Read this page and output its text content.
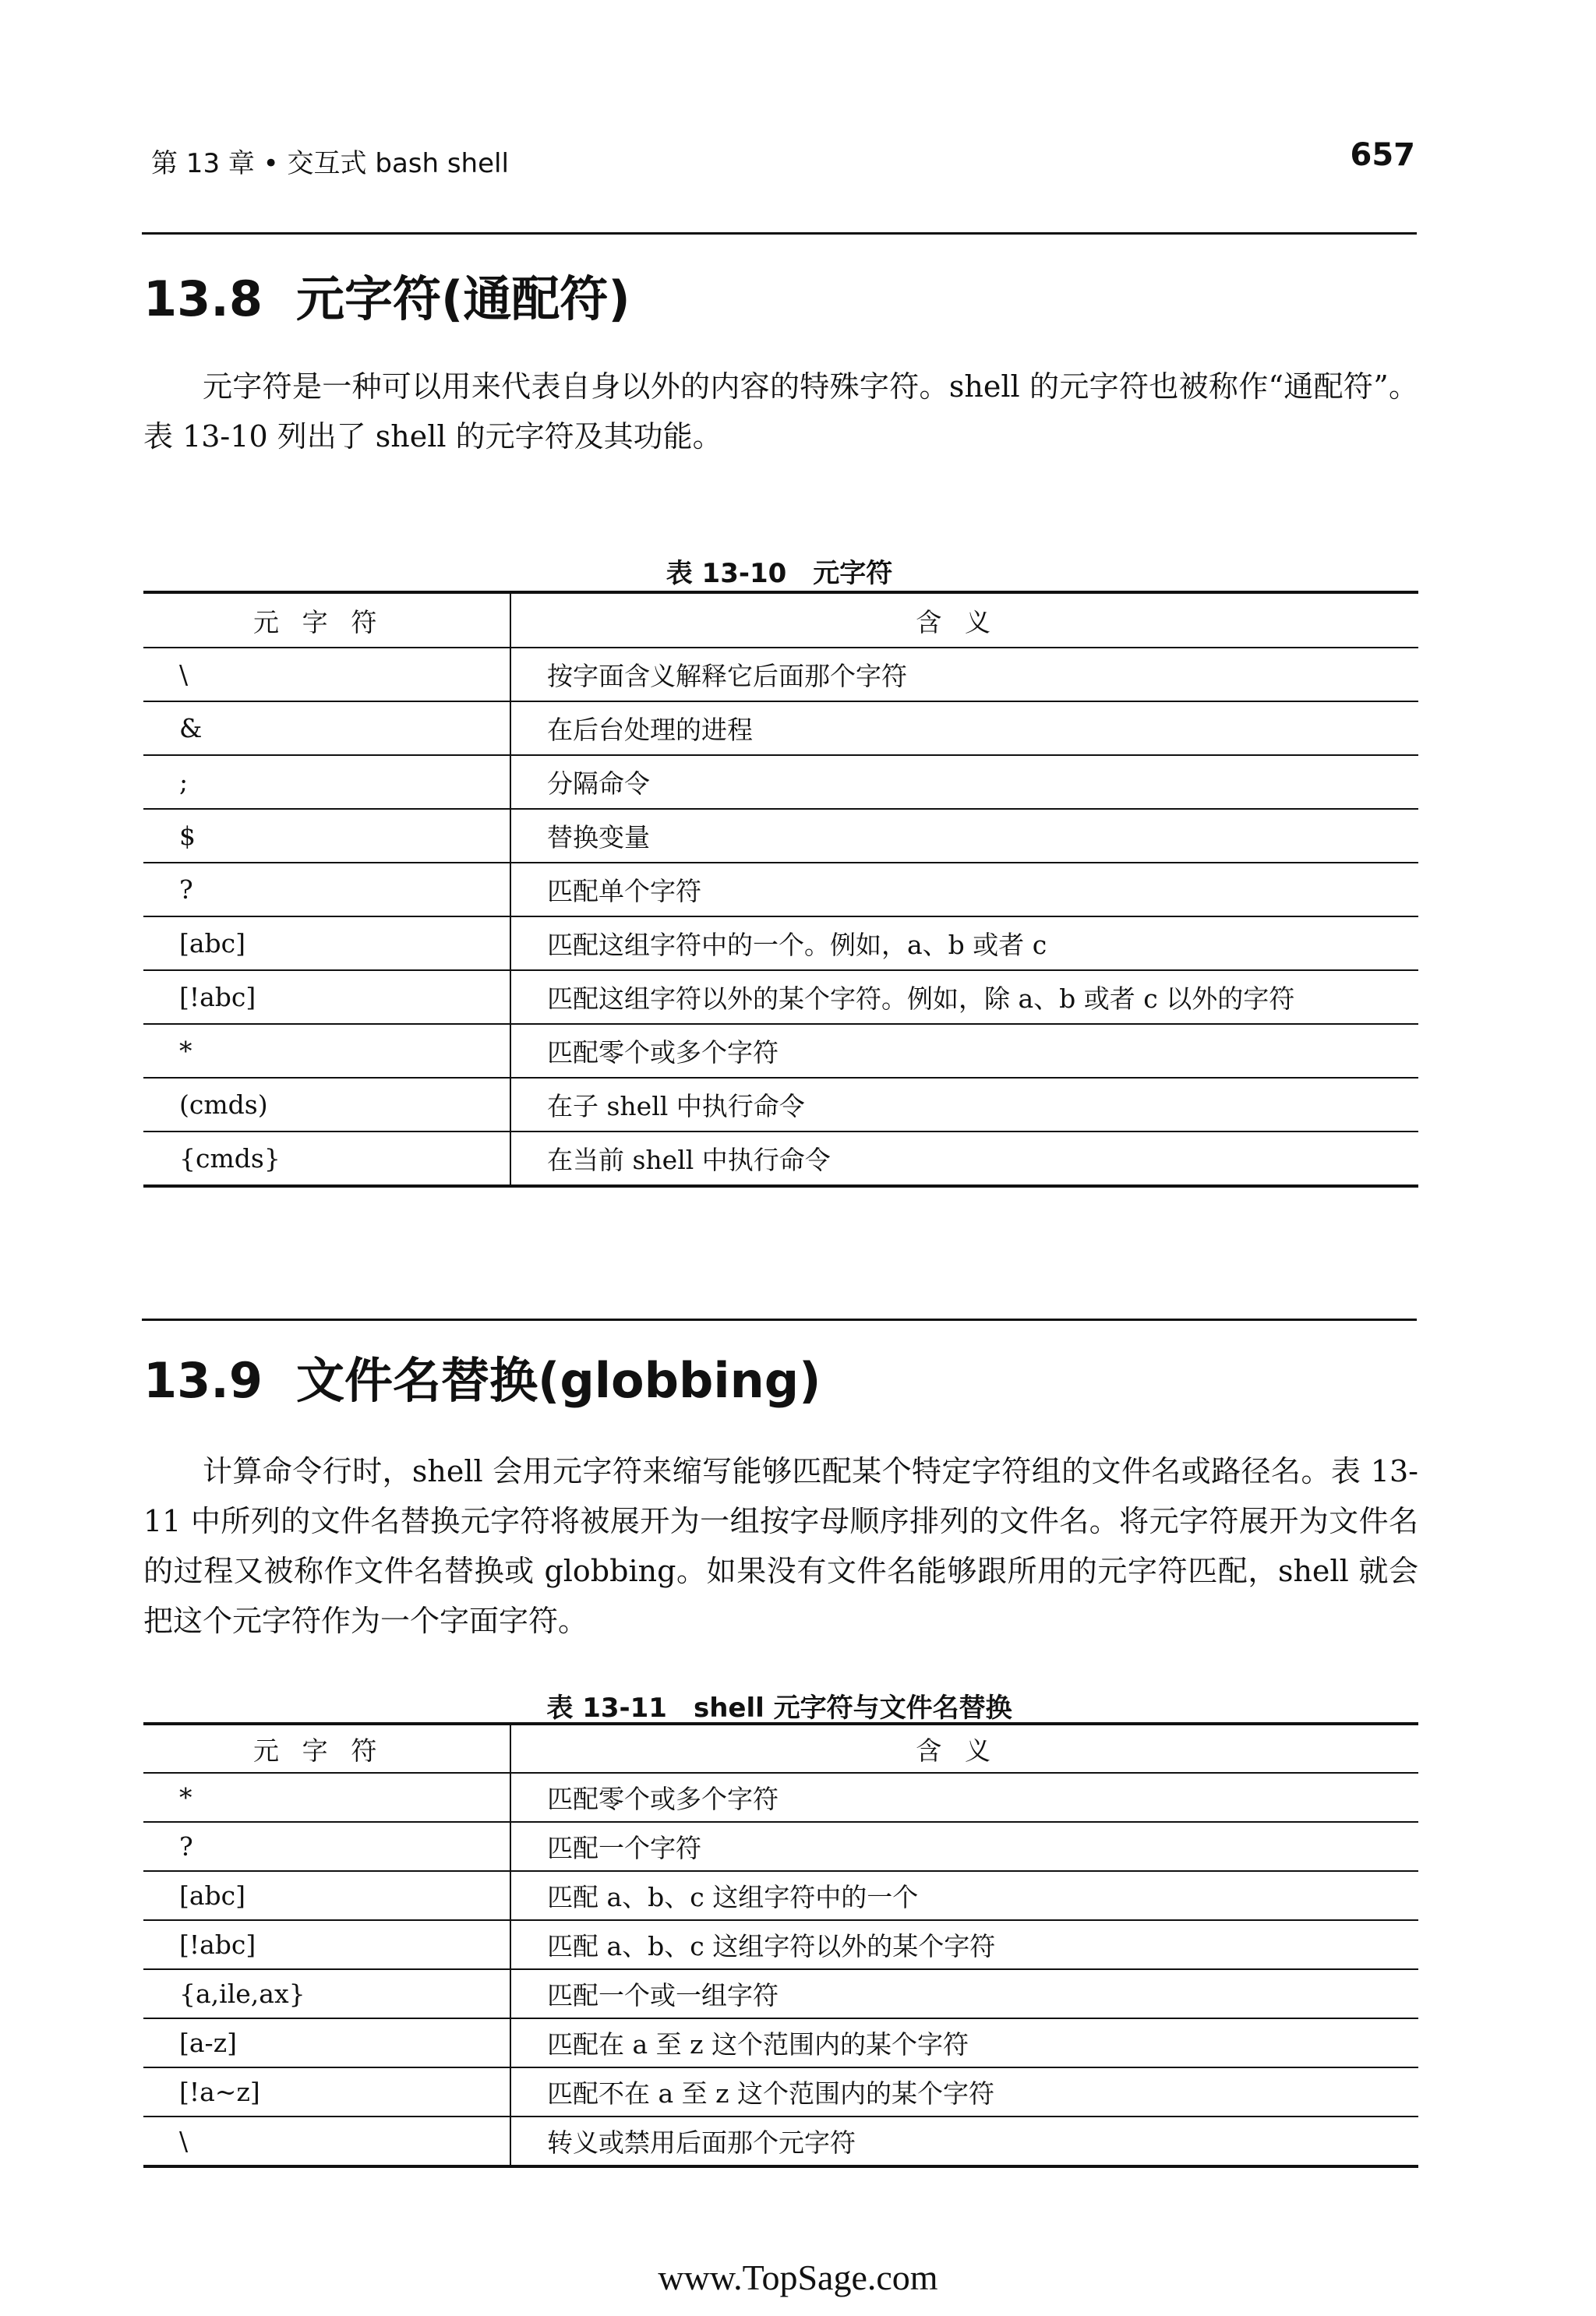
第 13 章 • 交互式 bash shell	657
13.8 元字符(通配符)
元字符是一种可以用来代表自身以外的内容的特殊字符。shell 的元字符也被称作“通配符”。表 13-10 列出了 shell 的元字符及其功能。
表 13-10　元字符
元字符	含义
\	按字面含义解释它后面那个字符
&	在后台处理的进程
;	分隔命令
$	替换变量
?	匹配单个字符
[abc]	匹配这组字符中的一个。例如，a、b 或者 c
[!abc]	匹配这组字符以外的某个字符。例如，除 a、b 或者 c 以外的字符
*	匹配零个或多个字符
(cmds)	在子 shell 中执行命令
{cmds}	在当前 shell 中执行命令
13.9 文件名替换(globbing)
计算命令行时，shell 会用元字符来缩写能够匹配某个特定字符组的文件名或路径名。表 13-11 中所列的文件名替换元字符将被展开为一组按字母顺序排列的文件名。将元字符展开为文件名的过程又被称作文件名替换或 globbing。如果没有文件名能够跟所用的元字符匹配，shell 就会把这个元字符作为一个字面字符。
表 13-11　shell 元字符与文件名替换
元字符	含义
*	匹配零个或多个字符
?	匹配一个字符
[abc]	匹配 a、b、c 这组字符中的一个
[!abc]	匹配 a、b、c 这组字符以外的某个字符
{a,ile,ax}	匹配一个或一组字符
[a-z]	匹配在 a 至 z 这个范围内的某个字符
[!a~z]	匹配不在 a 至 z 这个范围内的某个字符
\	转义或禁用后面那个元字符
www.TopSage.com
